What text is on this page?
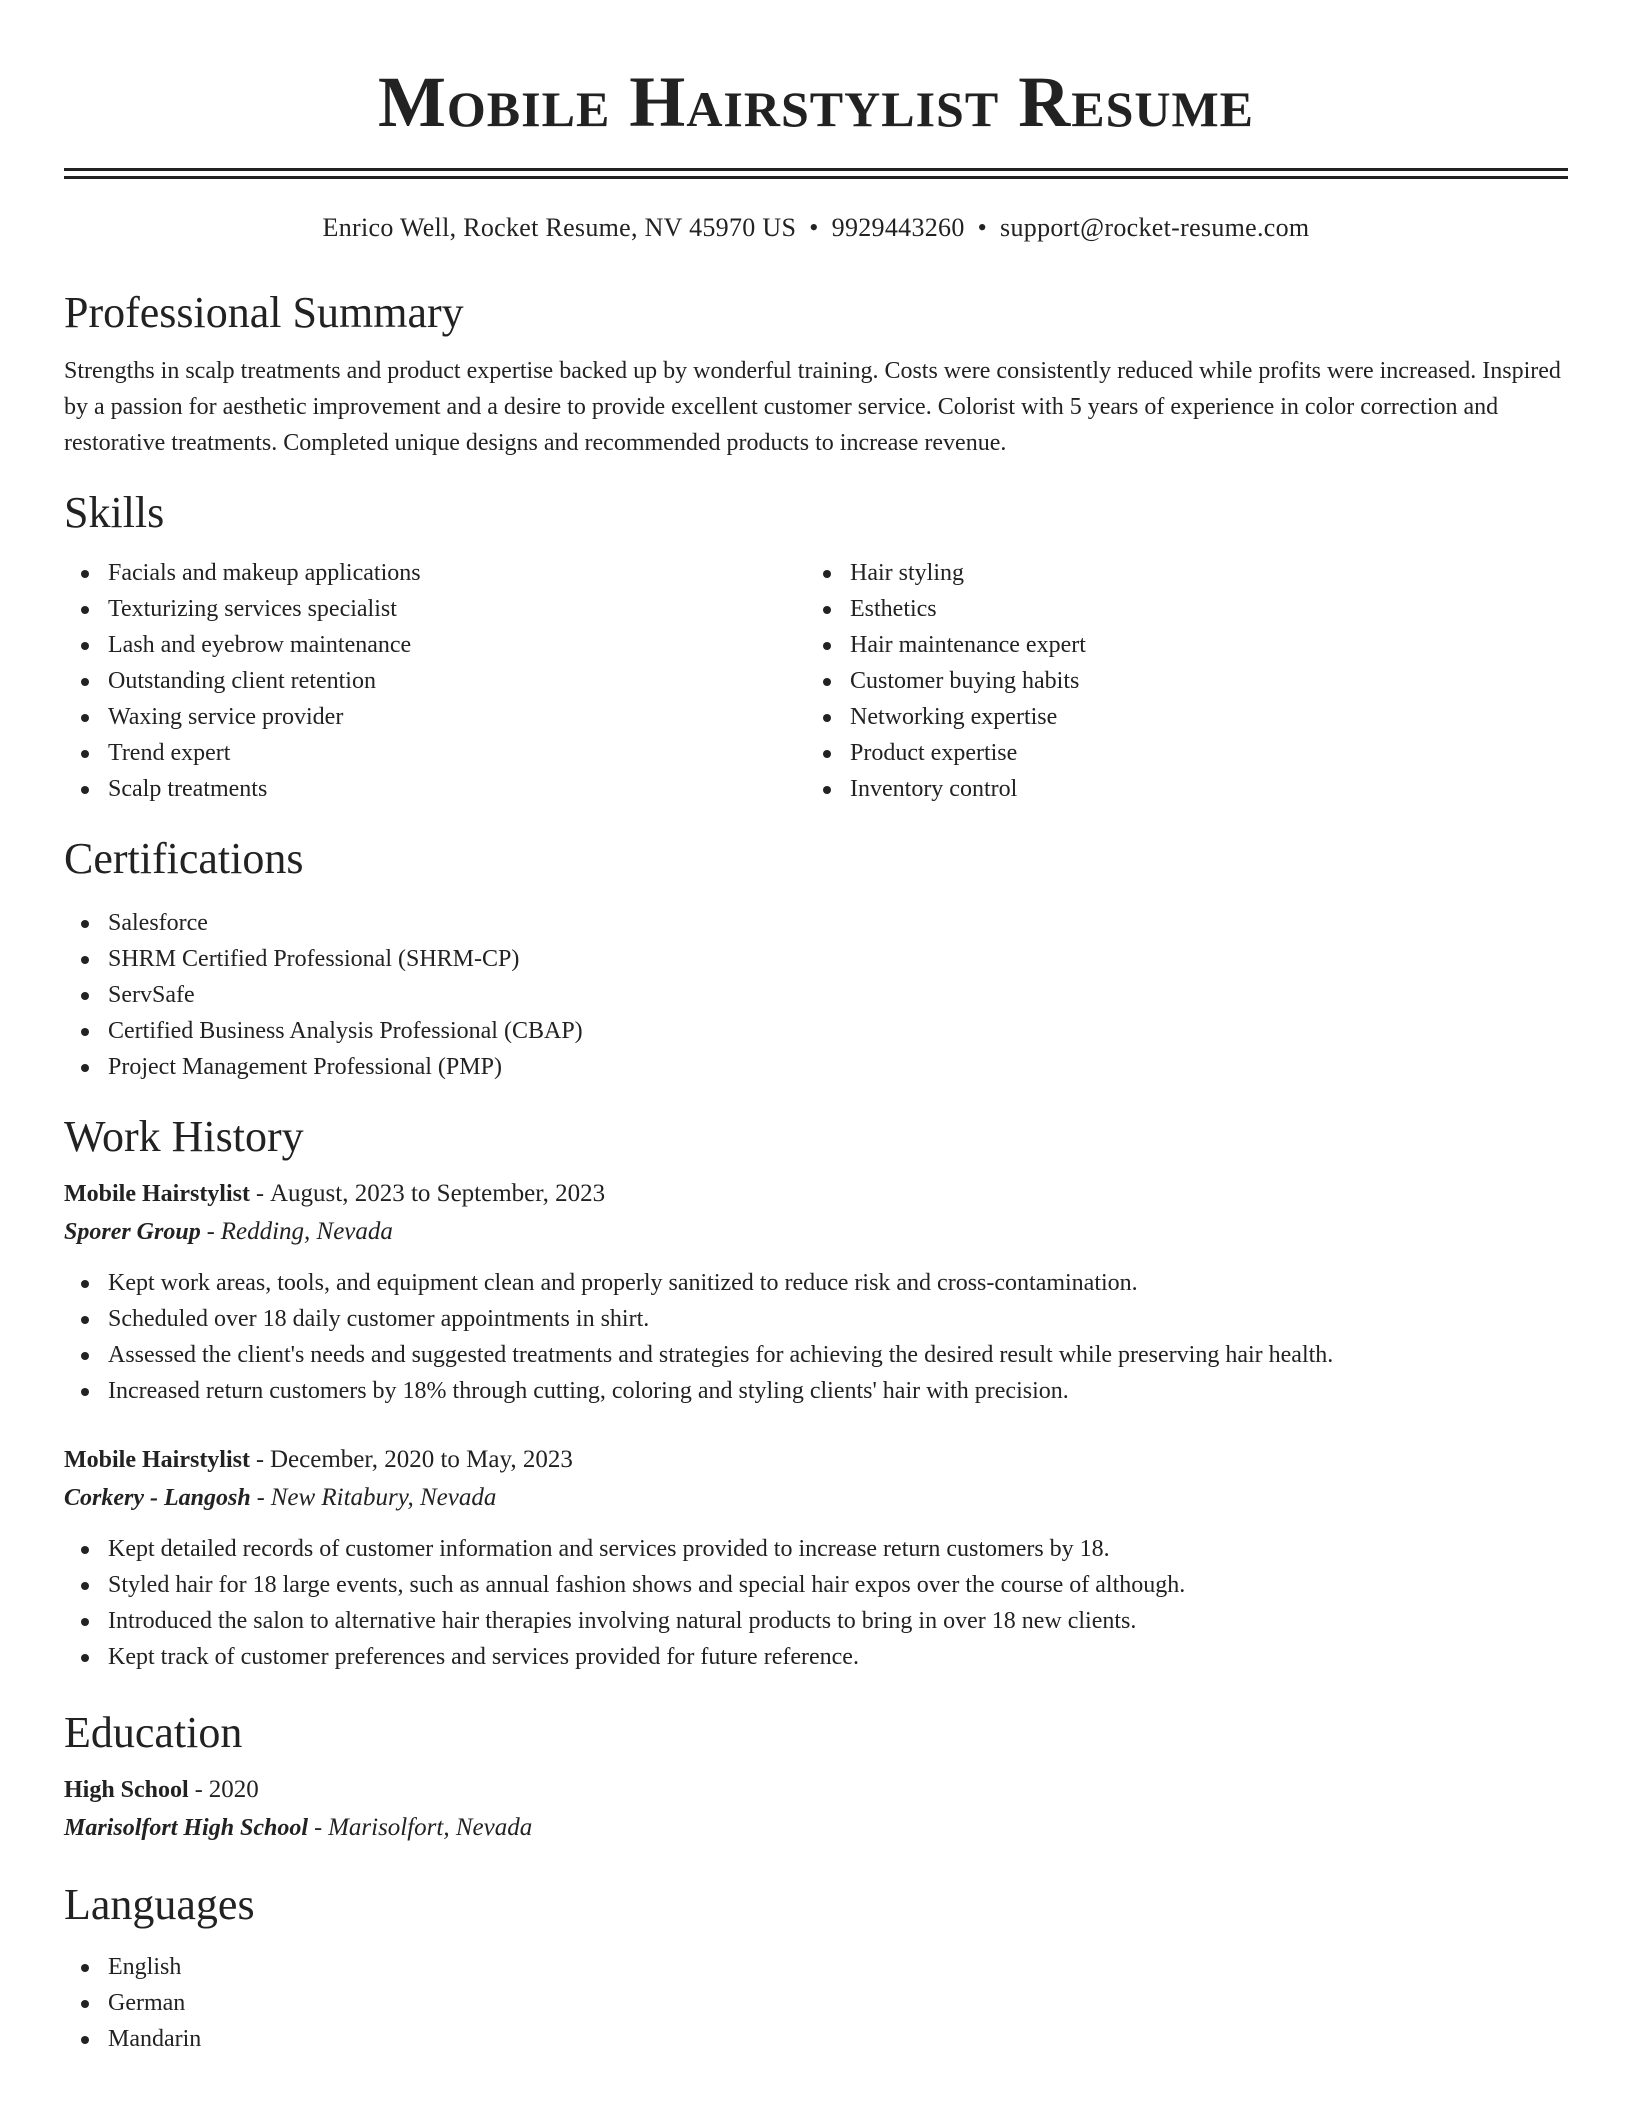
Mobile Hairstylist Resume
Enrico Well, Rocket Resume, NV 45970 US • 9929443260 • support@rocket-resume.com
Professional Summary

Strengths in scalp treatments and product expertise backed up by wonderful training. Costs were consistently reduced while profits were increased. Inspired by a passion for aesthetic improvement and a desire to provide excellent customer service. Colorist with 5 years of experience in color correction and restorative treatments. Completed unique designs and recommended products to increase revenue.

Skills
Facials and makeup applications
Texturizing services specialist
Lash and eyebrow maintenance
Outstanding client retention
Waxing service provider
Trend expert
Scalp treatments
Hair styling
Esthetics
Hair maintenance expert
Customer buying habits
Networking expertise
Product expertise
Inventory control
Certifications
Salesforce
SHRM Certified Professional (SHRM-CP)
ServSafe
Certified Business Analysis Professional (CBAP)
Project Management Professional (PMP)
Work History
Mobile Hairstylist - August, 2023 to September, 2023
Sporer Group - Redding, Nevada
Kept work areas, tools, and equipment clean and properly sanitized to reduce risk and cross-contamination.
Scheduled over 18 daily customer appointments in shirt.
Assessed the client's needs and suggested treatments and strategies for achieving the desired result while preserving hair health.
Increased return customers by 18% through cutting, coloring and styling clients' hair with precision.
Mobile Hairstylist - December, 2020 to May, 2023
Corkery - Langosh - New Ritabury, Nevada
Kept detailed records of customer information and services provided to increase return customers by 18.
Styled hair for 18 large events, such as annual fashion shows and special hair expos over the course of although.
Introduced the salon to alternative hair therapies involving natural products to bring in over 18 new clients.
Kept track of customer preferences and services provided for future reference.
Education
High School - 2020
Marisolfort High School - Marisolfort, Nevada
Languages
English
German
Mandarin
